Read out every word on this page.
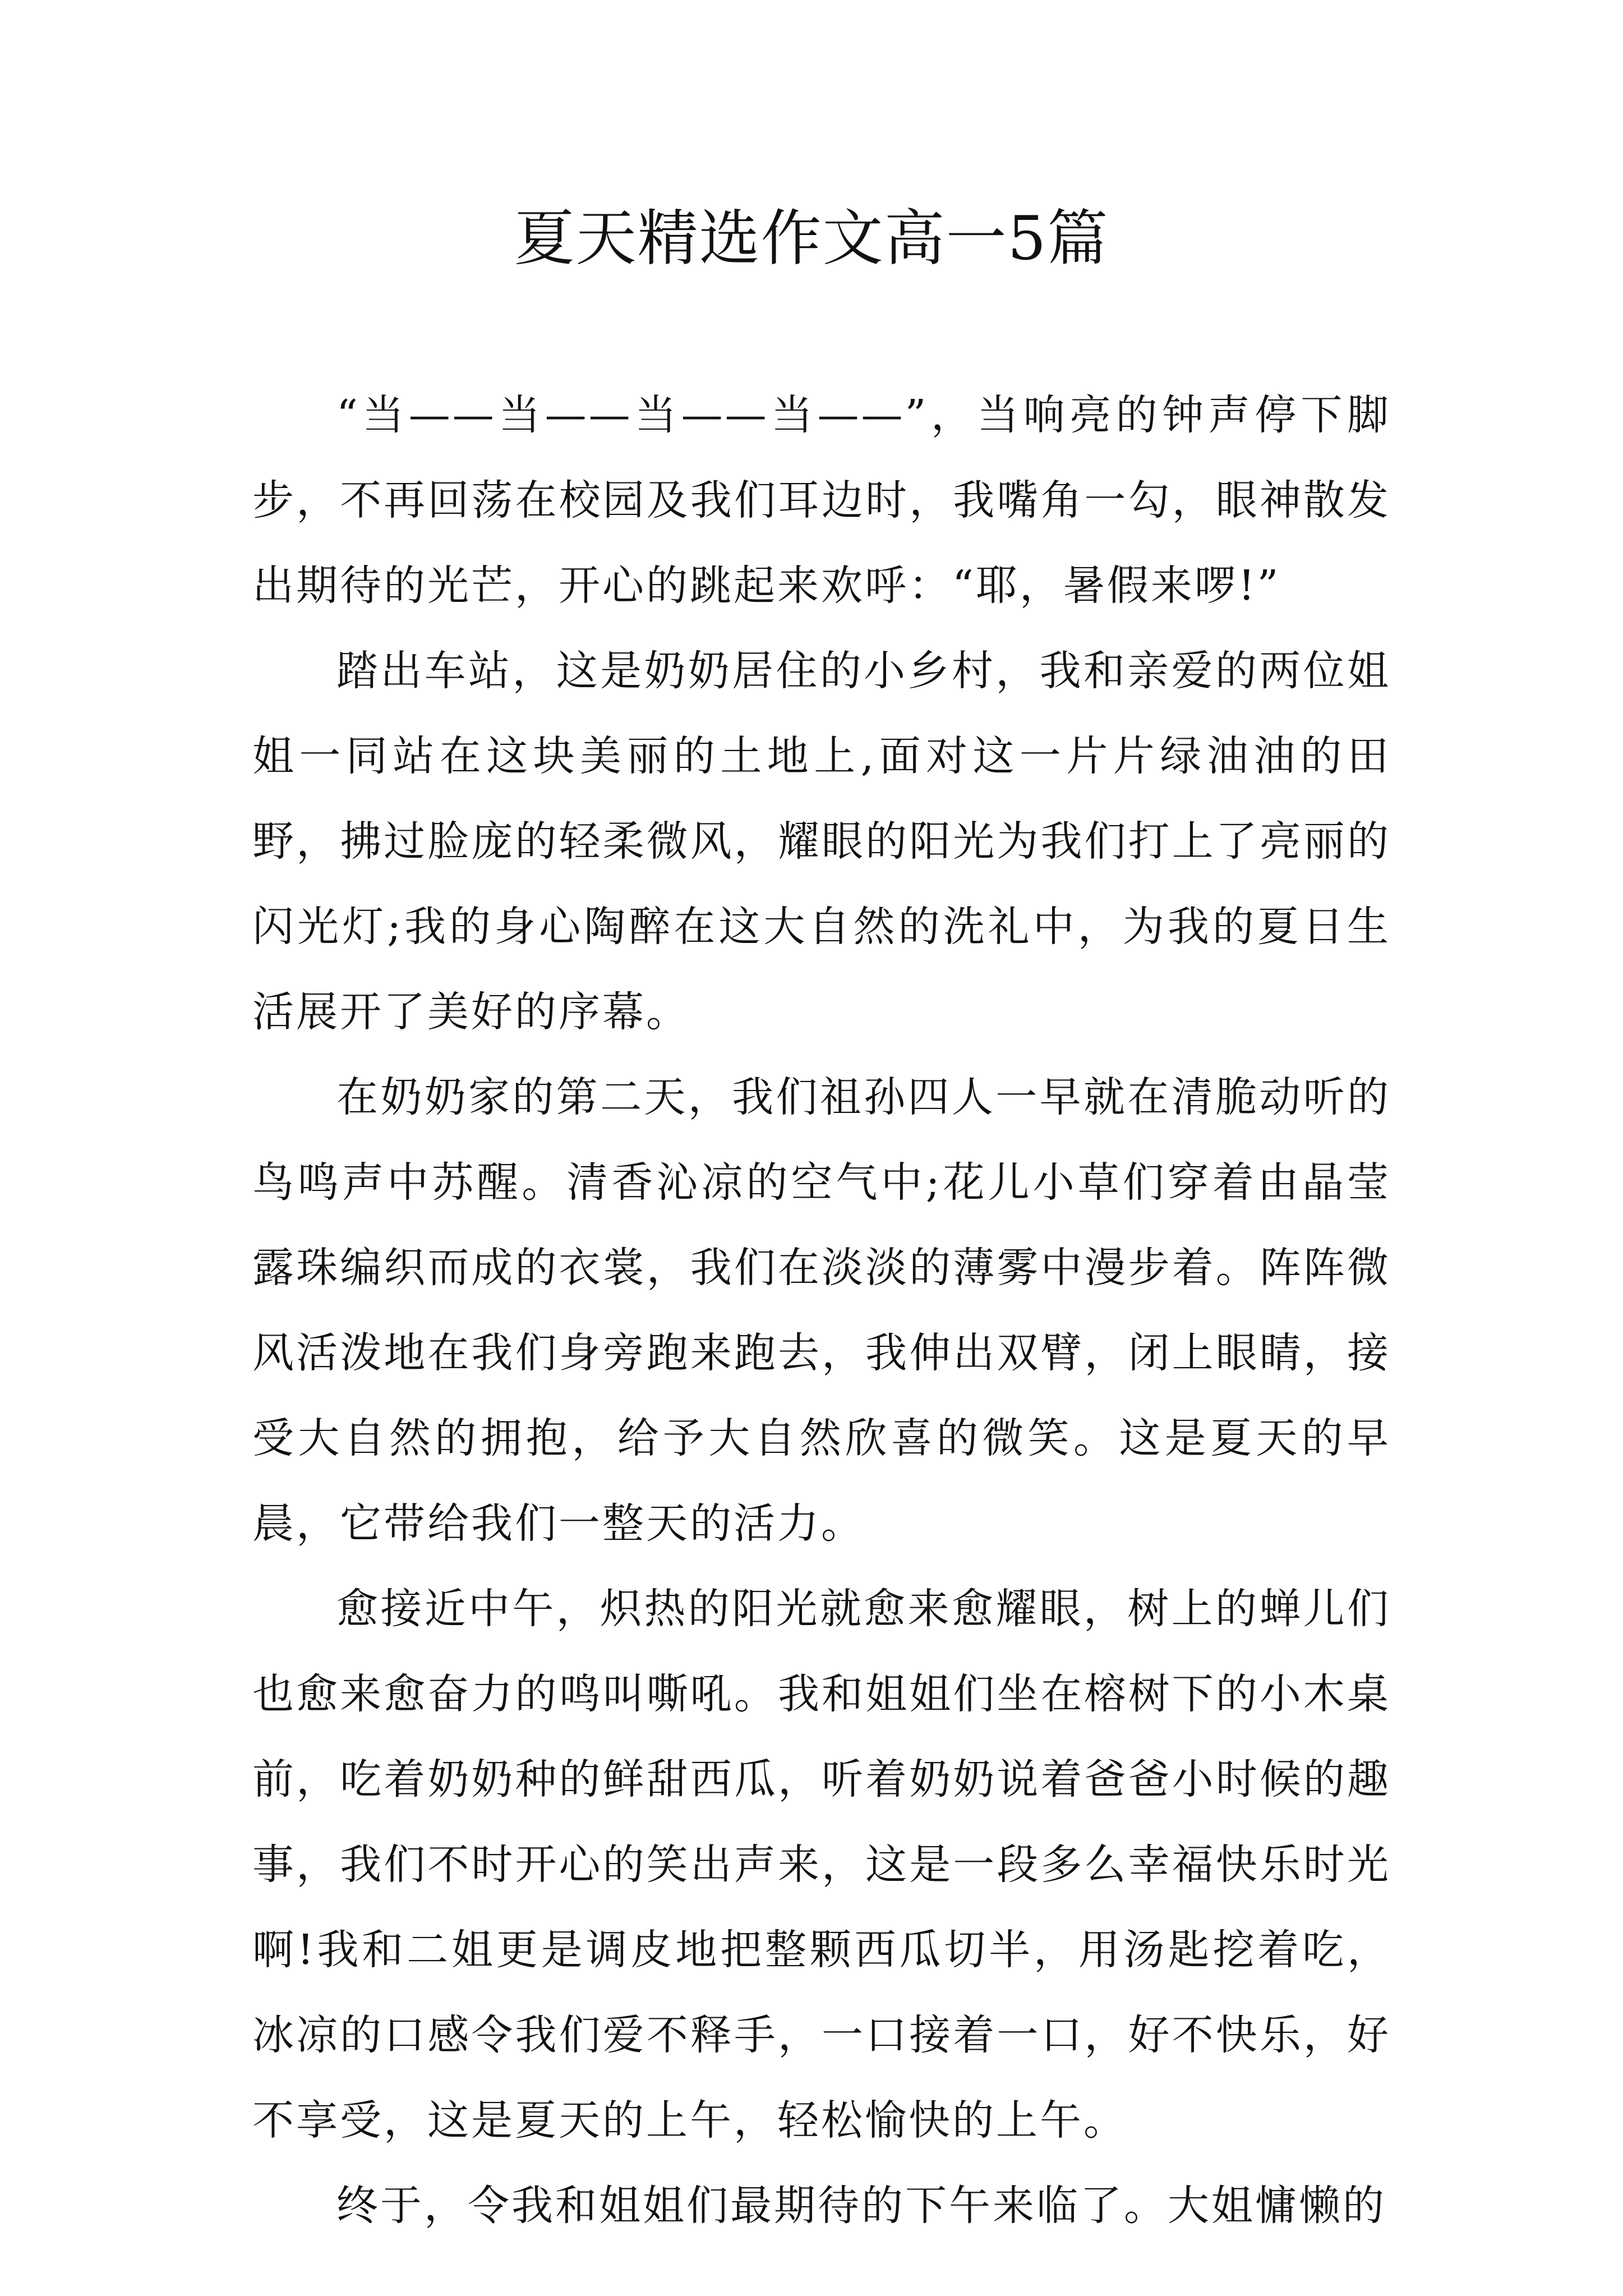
夏天精选作文高一5篇

“当——当——当——当——”，当响亮的钟声停下脚步，不再回荡在校园及我们耳边时，我嘴角一勾，眼神散发出期待的光芒，开心的跳起来欢呼：“耶，暑假来啰!”

踏出车站，这是奶奶居住的小乡村，我和亲爱的两位姐姐一同站在这块美丽的土地上,面对这一片片绿油油的田野，拂过脸庞的轻柔微风，耀眼的阳光为我们打上了亮丽的闪光灯;我的身心陶醉在这大自然的洗礼中，为我的夏日生活展开了美好的序幕。

在奶奶家的第二天，我们祖孙四人一早就在清脆动听的鸟鸣声中苏醒。清香沁凉的空气中;花儿小草们穿着由晶莹露珠编织而成的衣裳，我们在淡淡的薄雾中漫步着。阵阵微风活泼地在我们身旁跑来跑去，我伸出双臂，闭上眼睛，接受大自然的拥抱，给予大自然欣喜的微笑。这是夏天的早晨，它带给我们一整天的活力。

愈接近中午，炽热的阳光就愈来愈耀眼，树上的蝉儿们也愈来愈奋力的鸣叫嘶吼。我和姐姐们坐在榕树下的小木桌前，吃着奶奶种的鲜甜西瓜，听着奶奶说着爸爸小时候的趣事，我们不时开心的笑出声来，这是一段多么幸福快乐时光啊!我和二姐更是调皮地把整颗西瓜切半，用汤匙挖着吃，冰凉的口感令我们爱不释手，一口接着一口，好不快乐，好不享受，这是夏天的上午，轻松愉快的上午。

终于，令我和姐姐们最期待的下午来临了。大姐慵懒的
